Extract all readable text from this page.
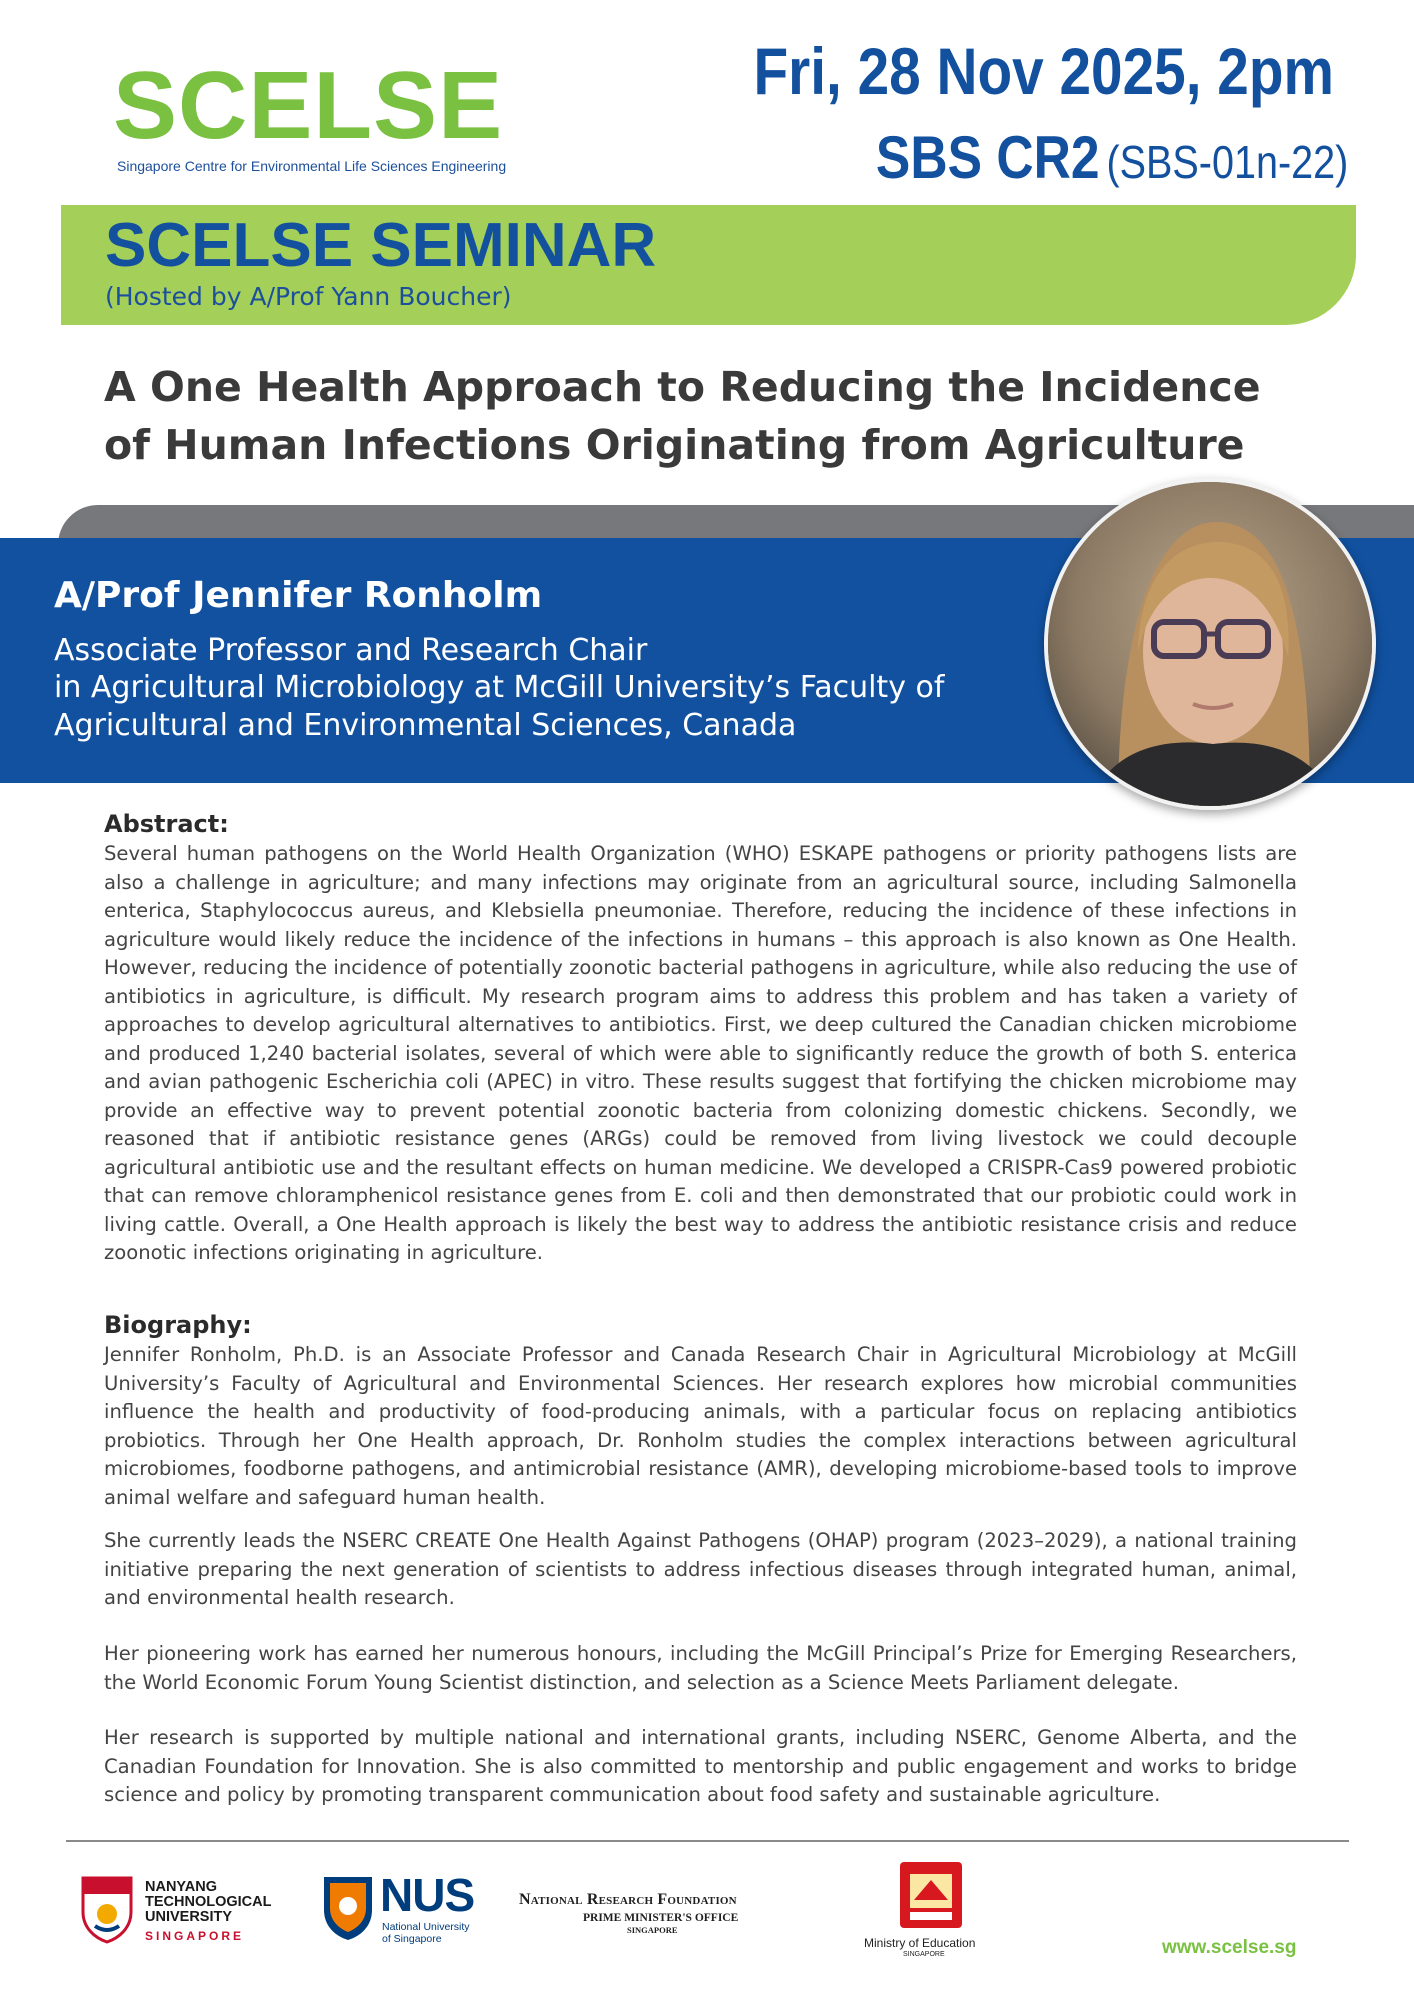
SCELSE
Singapore Centre for Environmental Life Sciences Engineering
Fri, 28 Nov 2025, 2pm
SBS CR2 (SBS-01n-22)
SCELSE SEMINAR
(Hosted by A/Prof Yann Boucher)
A One Health Approach to Reducing the Incidence of Human Infections Originating from Agriculture
A/Prof Jennifer Ronholm
Associate Professor and Research Chair
in Agricultural Microbiology at McGill University’s Faculty of
Agricultural and Environmental Sciences, Canada
Abstract:
Several human pathogens on the World Health Organization (WHO) ESKAPE pathogens or priority pathogens lists are also a challenge in agriculture; and many infections may originate from an agricultural source, including Salmonella enterica, Staphylococcus aureus, and Klebsiella pneumoniae. Therefore, reducing the incidence of these infections in agriculture would likely reduce the incidence of the infections in humans – this approach is also known as One Health. However, reducing the incidence of potentially zoonotic bacterial pathogens in agriculture, while also reducing the use of antibiotics in agriculture, is difficult. My research program aims to address this problem and has taken a variety of approaches to develop agricultural alternatives to antibiotics. First, we deep cultured the Canadian chicken microbiome and produced 1,240 bacterial isolates, several of which were able to significantly reduce the growth of both S. enterica and avian pathogenic Escherichia coli (APEC) in vitro. These results suggest that fortifying the chicken microbiome may provide an effective way to prevent potential zoonotic bacteria from colonizing domestic chickens. Secondly, we reasoned that if antibiotic resistance genes (ARGs) could be removed from living livestock we could decouple agricultural antibiotic use and the resultant effects on human medicine. We developed a CRISPR-Cas9 powered probiotic that can remove chloramphenicol resistance genes from E. coli and then demonstrated that our probiotic could work in living cattle. Overall, a One Health approach is likely the best way to address the antibiotic resistance crisis and reduce zoonotic infections originating in agriculture.
Biography:
Jennifer Ronholm, Ph.D. is an Associate Professor and Canada Research Chair in Agricultural Microbiology at McGill University’s Faculty of Agricultural and Environmental Sciences. Her research explores how microbial communities influence the health and productivity of food-producing animals, with a particular focus on replacing antibiotics probiotics. Through her One Health approach, Dr. Ronholm studies the complex interactions between agricultural microbiomes, foodborne pathogens, and antimicrobial resistance (AMR), developing microbiome-based tools to improve animal welfare and safeguard human health.
She currently leads the NSERC CREATE One Health Against Pathogens (OHAP) program (2023–2029), a national training initiative preparing the next generation of scientists to address infectious diseases through integrated human, animal, and environmental health research.
Her pioneering work has earned her numerous honours, including the McGill Principal’s Prize for Emerging Researchers, the World Economic Forum Young Scientist distinction, and selection as a Science Meets Parliament delegate.
Her research is supported by multiple national and international grants, including NSERC, Genome Alberta, and the Canadian Foundation for Innovation. She is also committed to mentorship and public engagement and works to bridge science and policy by promoting transparent communication about food safety and sustainable agriculture.
NANYANG
TECHNOLOGICAL
UNIVERSITY
SINGAPORE
NUS
National University
of Singapore
National Research Foundation
PRIME MINISTER'S OFFICE
SINGAPORE
Ministry of Education
SINGAPORE	www.scelse.sg
